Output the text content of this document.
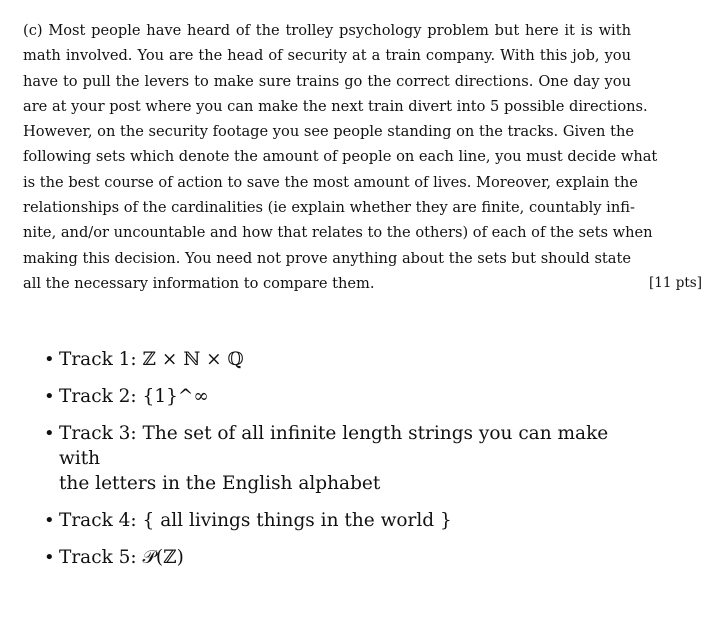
(c) Most people have heard of the trolley psychology problem but here it is with
math involved. You are the head of security at a train company. With this job, you
have to pull the levers to make sure trains go the correct directions. One day you
are at your post where you can make the next train divert into 5 possible directions.
However, on the security footage you see people standing on the tracks. Given the
following sets which denote the amount of people on each line, you must decide what
is the best course of action to save the most amount of lives. Moreover, explain the
relationships of the cardinalities (ie explain whether they are finite, countably infi-
nite, and/or uncountable and how that relates to the others) of each of the sets when
making this decision. You need not prove anything about the sets but should state
all the necessary information to compare them.	[11 pts]

• Track 1: ℤ × ℕ × ℚ
• Track 2: {1}^∞
• Track 3: The set of all infinite length strings you can make with
the letters in the English alphabet
• Track 4: { all livings things in the world }
• Track 5: 𝒫(ℤ)
